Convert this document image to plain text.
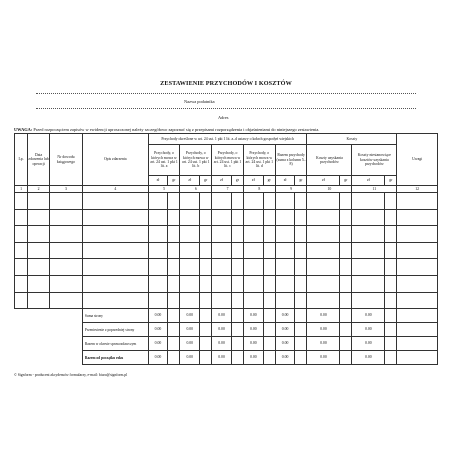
ZESTAWIENIE PRZYCHODÓW I KOSZTÓW
Nazwa podatnika
Adres
UWAGA: Przed rozpoczęciem zapisów w ewidencji uproszczonej należy szczegółowo zapoznać się z przepisami rozporządzenia i objaśnieniami do niniejszego zestawienia.
Lp.	Data zdarzenia lub operacji	Nr dowodu księgowego	Opis zdarzenia	Przychody określone w art. 24 ust. 1 pkt 1 lit. a–d ustawy o kołach gospodyń wiejskich										Koszty				Uwagi
				Przychody, o których mowa w art. 24 ust. 1 pkt 1 lit. a		Przychody, o których mowa w art. 24 ust. 1 pkt 1 lit. b		Przychody, o których mowa w art. 24 ust. 1 pkt 1 lit. c		Przychody, o których mowa w art. 24 ust. 1 pkt 1 lit. d		Razem przychody (suma z kolumn 5–8)		Koszty uzyskania przychodów		Koszty niestanowiące kosztów uzyskania przychodów		
				zł	gr	zł	gr	zł	gr	zł	gr	zł	gr	zł	gr	zł	gr	
1	2	3	4	5		6		7		8		9		10		11		12

			Suma strony	0.00		0.00		0.00		0.00		0.00		0.00		0.00		
			Przeniesienie z poprzedniej strony	0.00		0.00		0.00		0.00		0.00		0.00		0.00		
			Razem w okresie sprawozdawczym	0.00		0.00		0.00		0.00		0.00		0.00		0.00		
			Razem od początku roku	0.00		0.00		0.00		0.00		0.00		0.00		0.00		
© Signform - producent akcydensów formularzy, e-mail: biuro@signform.pl
